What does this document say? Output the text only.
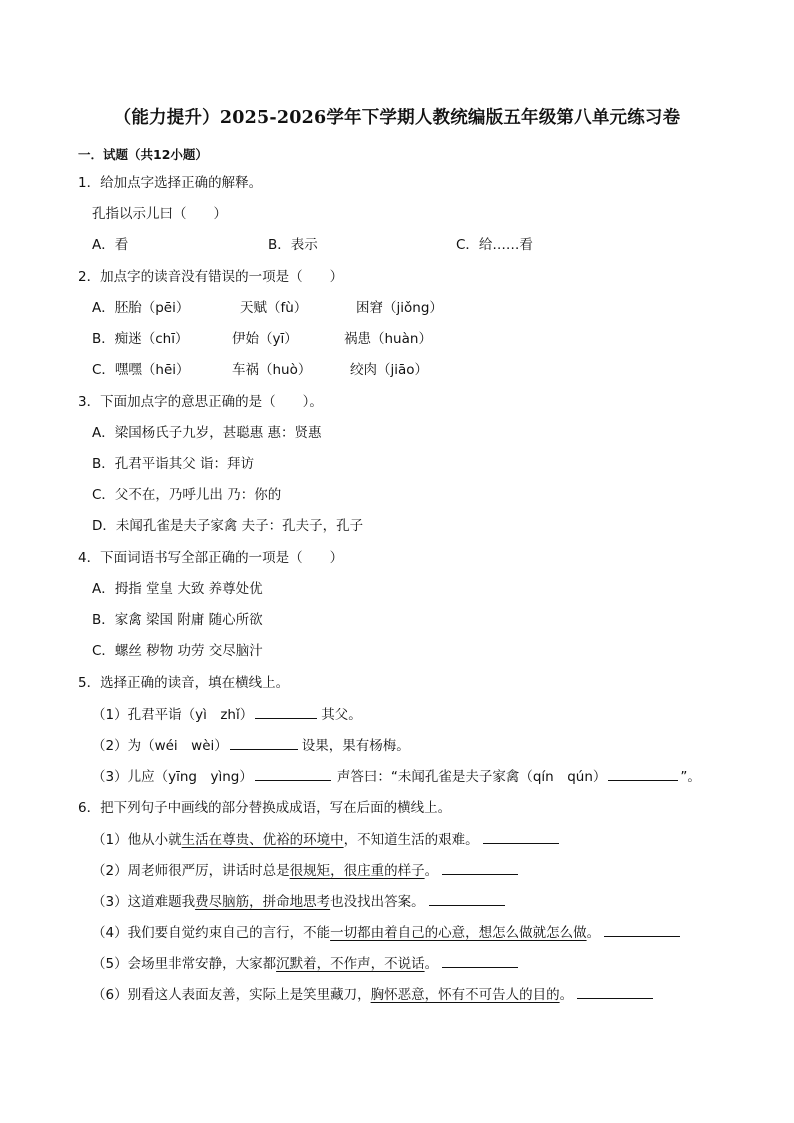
（能力提升）2025-2026学年下学期人教统编版五年级第八单元练习卷
一．试题（共12小题）
1．给加点字选择正确的解释。
孔指以示儿曰（　　）
A．看	B．表示	C．给……看
2．加点字的读音没有错误的一项是（　　）
A．胚胎（pēi）	天赋（fù）	困窘（jiǒng）
B．痴迷（chī）	伊始（yī）	祸患（huàn）
C．嘿嘿（hēi）	车祸（huò）	绞肉（jiāo）
3．下面加点字的意思正确的是（　　）。
A．梁国杨氏子九岁，甚聪惠 惠：贤惠
B．孔君平诣其父 诣：拜访
C．父不在，乃呼儿出 乃：你的
D．未闻孔雀是夫子家禽 夫子：孔夫子，孔子
4．下面词语书写全部正确的一项是（　　）
A．拇指 堂皇 大致 养尊处优
B．家禽 梁国 附庸 随心所欲
C．螺丝 秽物 功劳 交尽脑汁
5．选择正确的读音，填在横线上。
（1）孔君平诣（yì　zhǐ）	其父。
（2）为（wéi　wèi）	设果，果有杨梅。
（3）儿应（yīng　yìng）	声答曰：“未闻孔雀是夫子家禽（qín　qún）	”。
6．把下列句子中画线的部分替换成成语，写在后面的横线上。
（1）他从小就生活在尊贵、优裕的环境中，不知道生活的艰难。
（2）周老师很严厉，讲话时总是很规矩，很庄重的样子。
（3）这道难题我费尽脑筋，拼命地思考也没找出答案。
（4）我们要自觉约束自己的言行，不能一切都由着自己的心意，想怎么做就怎么做。
（5）会场里非常安静，大家都沉默着，不作声，不说话。
（6）别看这人表面友善，实际上是笑里藏刀，胸怀恶意，怀有不可告人的目的。
